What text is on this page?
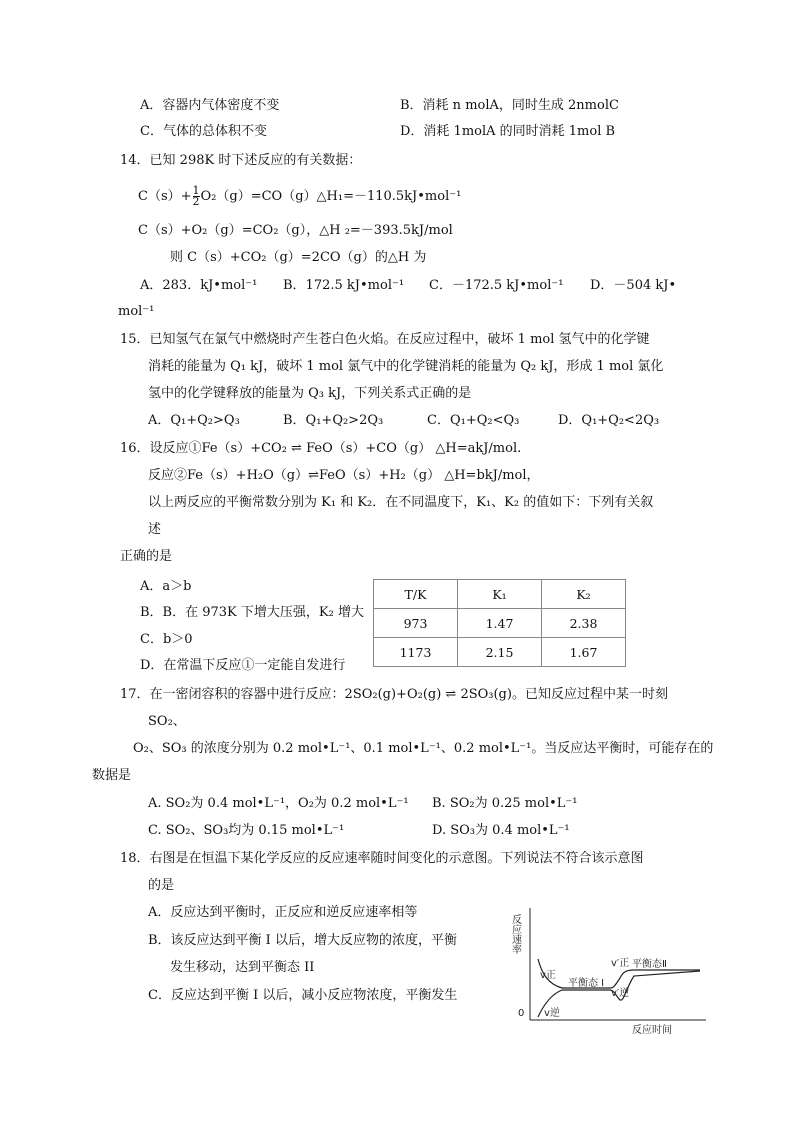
A．容器内气体密度不变	B．消耗 n molA，同时生成 2nmolC
C．气体的总体积不变	D．消耗 1molA 的同时消耗 1mol B
14．已知 298K 时下述反应的有关数据：
$C(s)+ \frac{1}{2}$ O₂（g）=CO（g）△H₁=－110.5kJ•mol⁻¹
C（s）+O₂（g）=CO₂（g），△H ₂=－393.5kJ/mol
则 C（s）+CO₂（g）=2CO（g）的△H 为
A．283．kJ•mol⁻¹ B．172.5 kJ•mol⁻¹ C．－172.5 kJ•mol⁻¹ D．－504 kJ•
mol⁻¹
15．已知氢气在氯气中燃烧时产生苍白色火焰。在反应过程中，破坏 1 mol 氢气中的化学键
消耗的能量为 Q₁ kJ，破坏 1 mol 氯气中的化学键消耗的能量为 Q₂ kJ，形成 1 mol 氯化
氢中的化学键释放的能量为 Q₃ kJ，下列关系式正确的是
A．Q₁+Q₂>Q₃	B．Q₁+Q₂>2Q₃	C．Q₁+Q₂<Q₃	D．Q₁+Q₂<2Q₃
16．设反应①Fe（s）+CO₂ ⇌ FeO（s）+CO（g） △H=akJ/mol.
反应②Fe（s）+H₂O（g）⇌FeO（s）+H₂（g） △H=bkJ/mol，
以上两反应的平衡常数分别为 K₁ 和 K₂．在不同温度下，K₁、K₂ 的值如下：下列有关叙
述
正确的是
A．a＞b
B．B．在 973K 下增大压强，K₂ 增大
C．b＞0
D．在常温下反应①一定能自发进行
T/K	K₁	K₂
973	1.47	2.38
1173	2.15	1.67
17．在一密闭容积的容器中进行反应：2SO₂(g)+O₂(g) ⇌ 2SO₃(g)。已知反应过程中某一时刻
SO₂、
O₂、SO₃ 的浓度分别为 0.2 mol•L⁻¹、0.1 mol•L⁻¹、0.2 mol•L⁻¹。当反应达平衡时，可能存在的
数据是
A. SO₂为 0.4 mol•L⁻¹，O₂为 0.2 mol•L⁻¹ B. SO₂为 0.25 mol•L⁻¹
C. SO₂、SO₃均为 0.15 mol•L⁻¹	D. SO₃为 0.4 mol•L⁻¹
18．右图是在恒温下某化学反应的反应速率随时间变化的示意图。下列说法不符合该示意图
的是
A．反应达到平衡时，正反应和逆反应速率相等
B．该反应达到平衡 I 以后，增大反应物的浓度，平衡
发生移动，达到平衡态 II
C．反应达到平衡 I 以后，减小反应物浓度，平衡发生
0
反应速率
反应时间
v正
v逆
平衡态 I
v′正 平衡态Ⅱ
v′逆
